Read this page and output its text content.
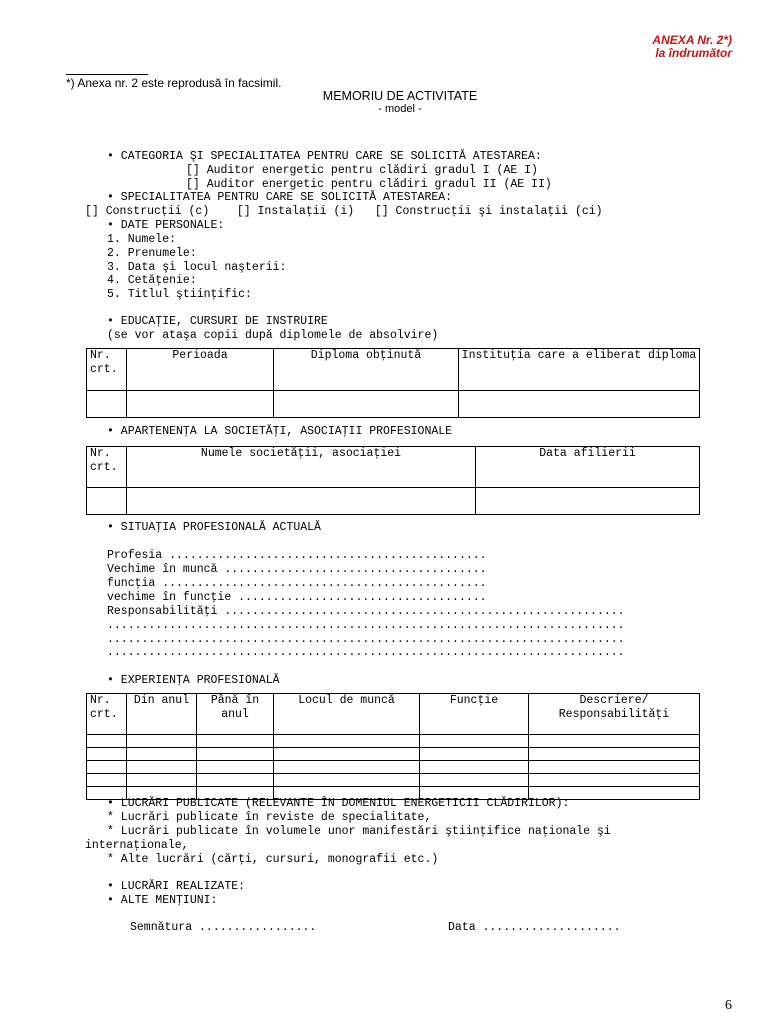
ANEXA Nr. 2*)
la îndrumător
*) Anexa nr. 2 este reprodusă în facsimil.
MEMORIU DE ACTIVITATE
- model -
• CATEGORIA ŞI SPECIALITATEA PENTRU CARE SE SOLICITĂ ATESTAREA:
[] Auditor energetic pentru clădiri gradul I (AE I)
[] Auditor energetic pentru clădiri gradul II (AE II)
• SPECIALITATEA PENTRU CARE SE SOLICITĂ ATESTAREA:
[] Construcţii (c)    [] Instalaţii (i)   [] Construcţii şi instalaţii (ci)
• DATE PERSONALE:
1. Numele:
2. Prenumele:
3. Data şi locul naşterii:
4. Cetăţenie:
5. Titlul ştiinţific:
• EDUCAŢIE, CURSURI DE INSTRUIRE
(se vor ataşa copii după diplomele de absolvire)
Nr. crt.	Perioada	Diploma obţinută	Instituţia care a eliberat diploma

• APARTENENŢA LA SOCIETĂŢI, ASOCIAŢII PROFESIONALE
Nr. crt.	Numele societăţii, asociaţiei	Data afilierii

• SITUAŢIA PROFESIONALĂ ACTUALĂ
Profesia ..............................................
Vechime în muncă ......................................
funcţia ...............................................
vechime în funcţie ....................................
Responsabilităţi ..........................................................
...........................................................................
...........................................................................
...........................................................................
• EXPERIENŢA PROFESIONALĂ
Nr. crt.	Din anul	Până în anul	Locul de muncă	Funcţie	Descriere/ Responsabilităţi

• LUCRĂRI PUBLICATE (RELEVANTE ÎN DOMENIUL ENERGETICII CLĂDIRILOR):
* Lucrări publicate în reviste de specialitate,
* Lucrări publicate în volumele unor manifestări ştiinţifice naţionale şi
internaţionale,
* Alte lucrări (cărţi, cursuri, monografii etc.)
• LUCRĂRI REALIZATE:
• ALTE MENŢIUNI:
Semnătura .................	Data ....................
6
